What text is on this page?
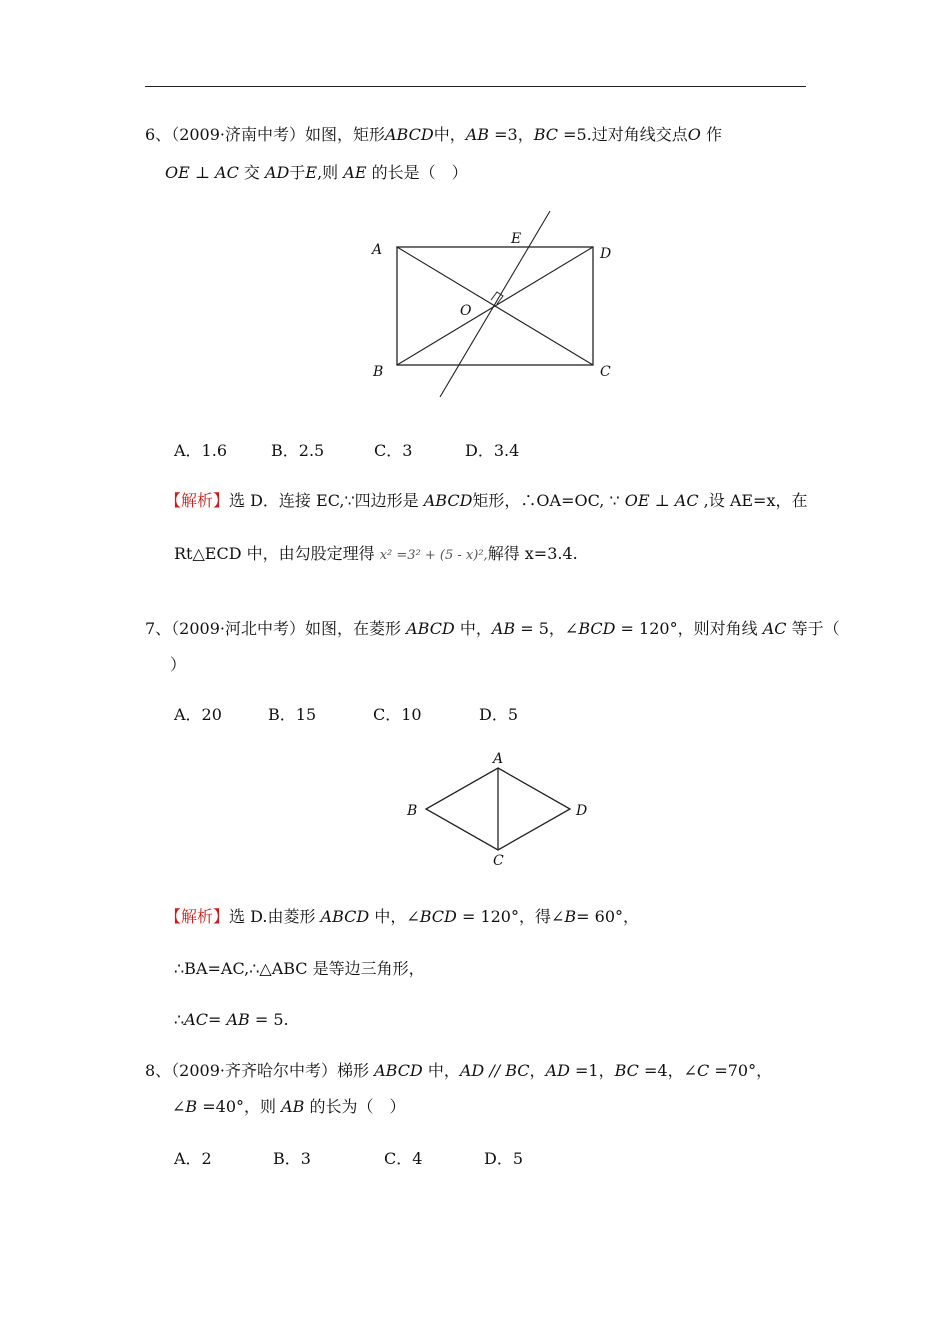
6、（2009·济南中考）如图，矩形ABCD中，AB =3，BC =5.过对角线交点O 作
OE ⊥ AC 交 AD于E,则 AE 的长是（　）
A
B	C
D
E
O
A．1.6	B．2.5	C．3	D．3.4
【解析】选 D．连接 EC,∵四边形是 ABCD矩形，∴OA=OC, ∵ OE ⊥ AC ,设 AE=x，在
Rt△ECD 中，由勾股定理得 x² =3² + (5 - x)²,解得 x=3.4.
7、（2009·河北中考）如图，在菱形 ABCD 中，AB = 5，∠BCD = 120°，则对角线 AC 等于（
）
A．20	B．15	C．10	D．5
A
B
C
D
【解析】选 D.由菱形 ABCD 中，∠BCD = 120°，得∠B= 60°，
∴BA=AC,∴△ABC 是等边三角形，
∴AC= AB = 5.
8、（2009·齐齐哈尔中考）梯形 ABCD 中，AD // BC，AD =1，BC =4，∠C =70°，
∠B =40°，则 AB 的长为（　）
A．2	B．3	C．4	D．5
